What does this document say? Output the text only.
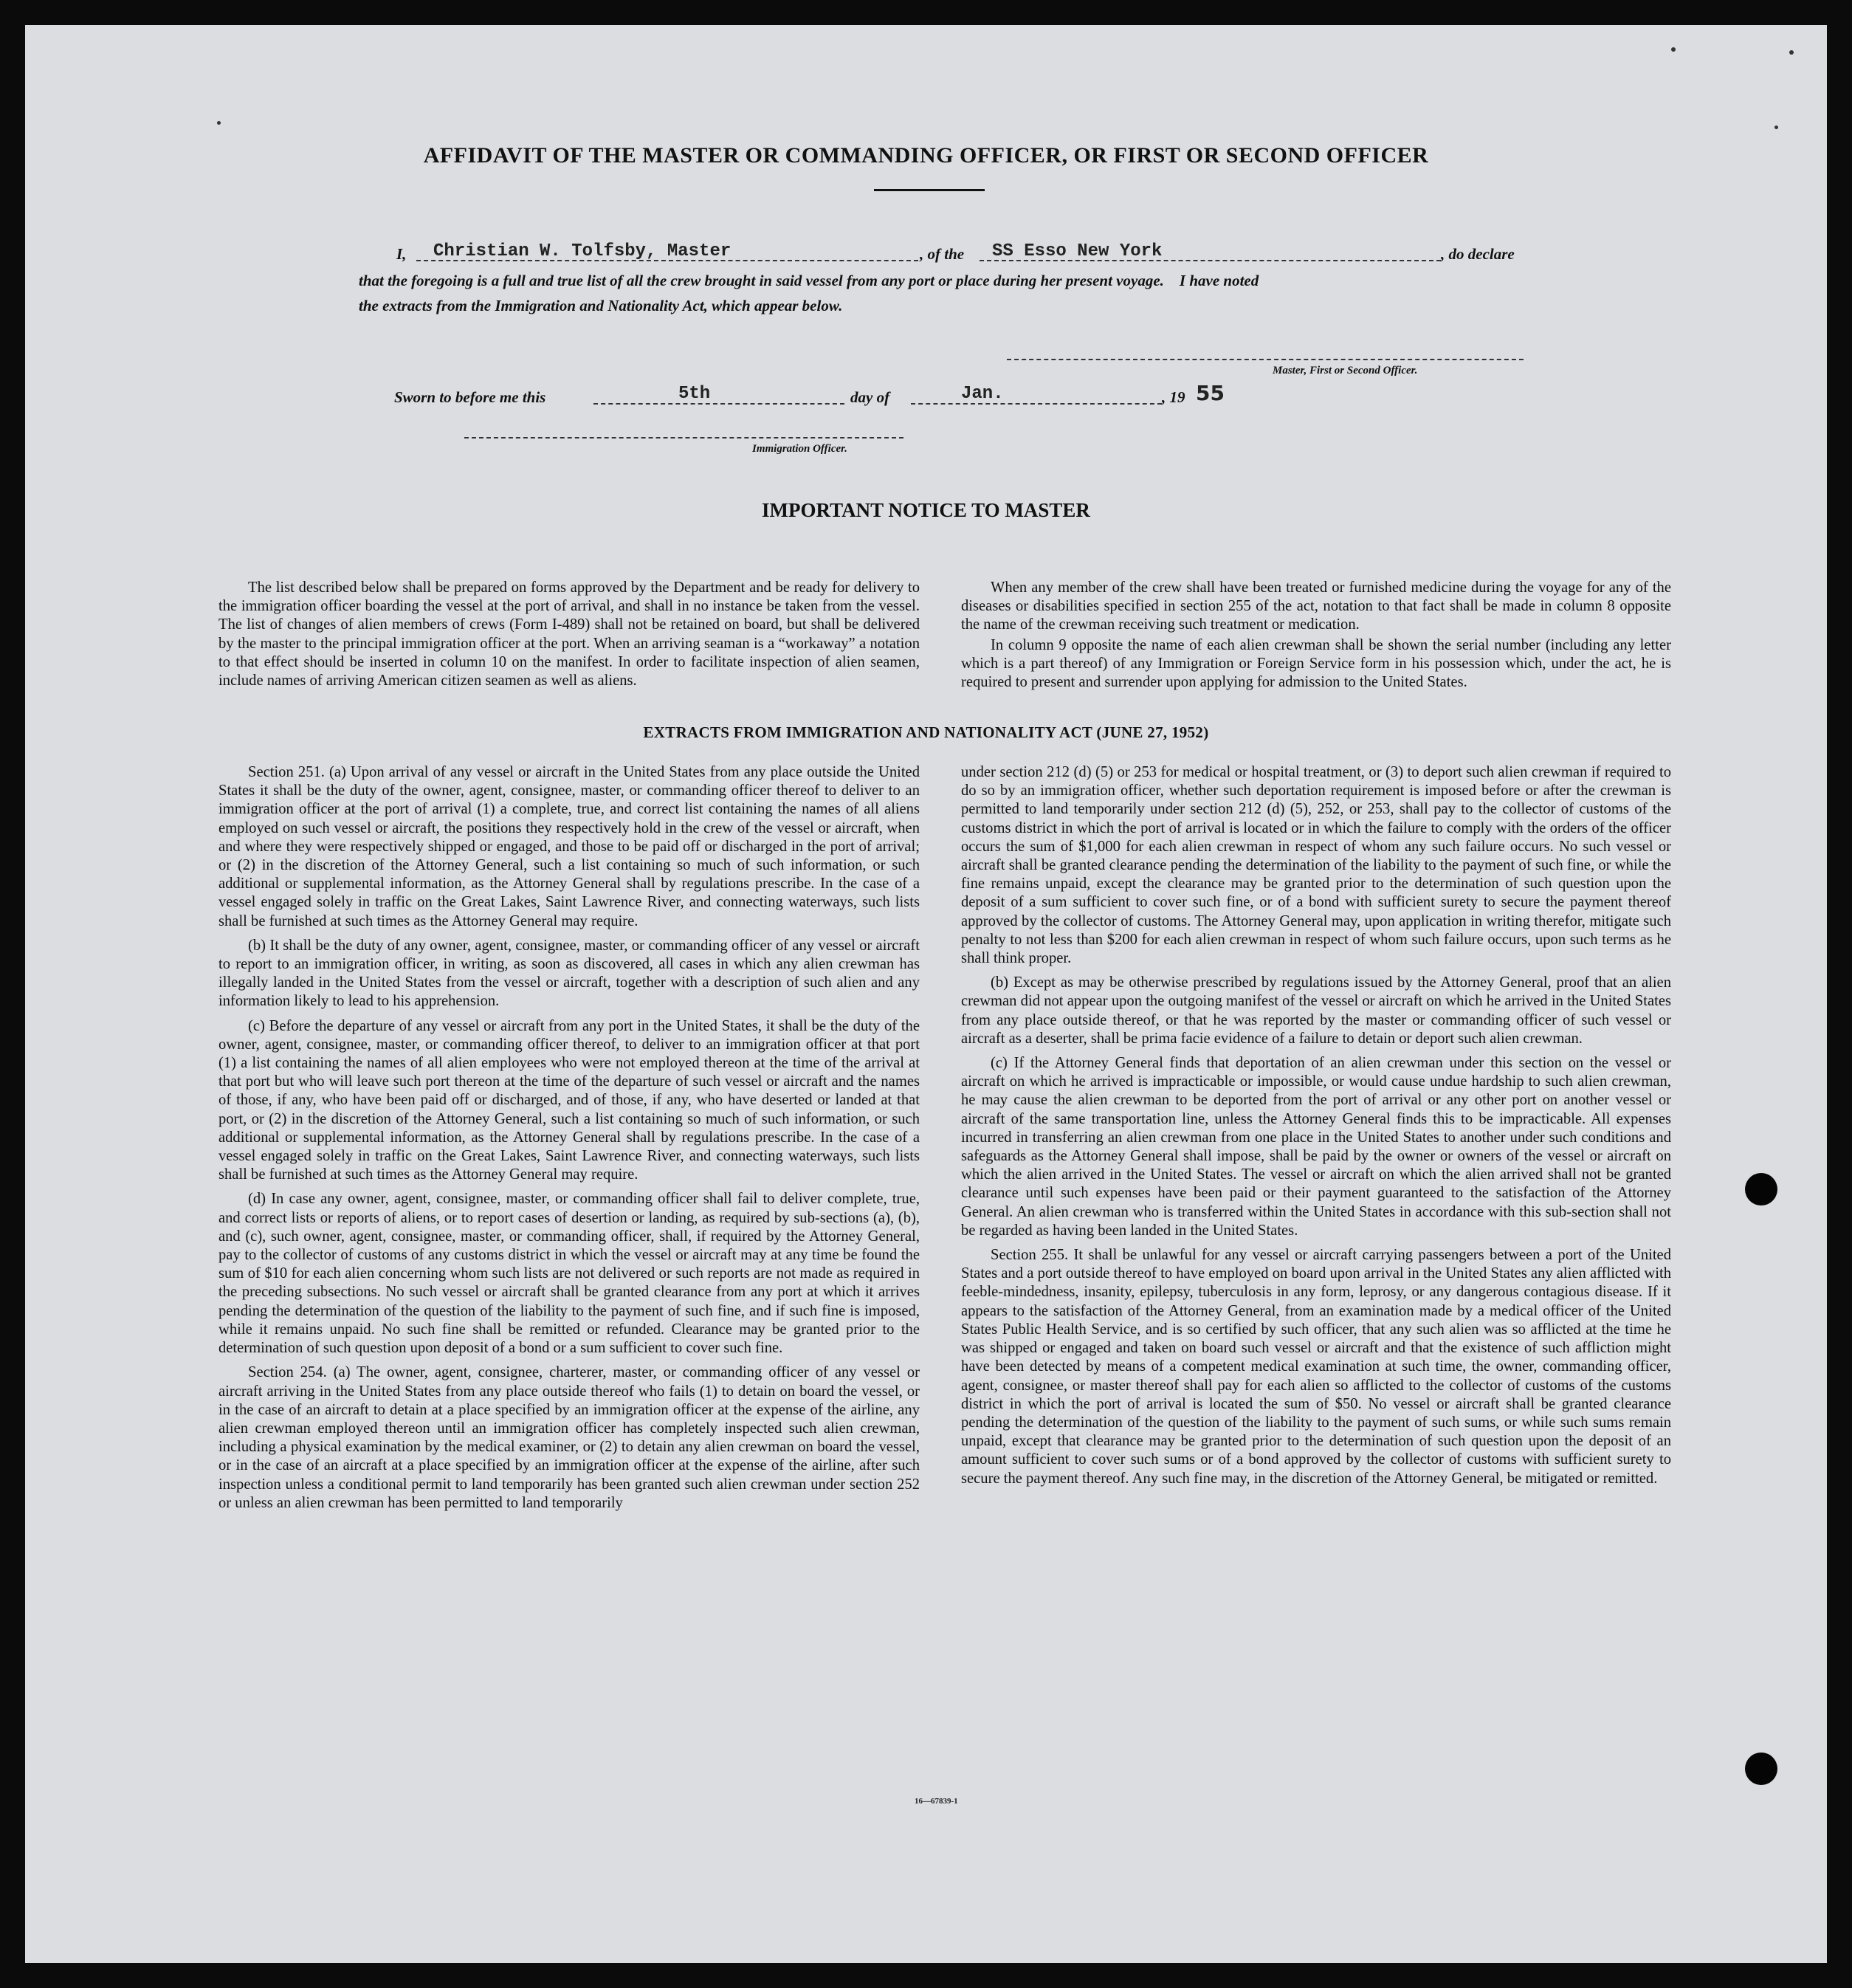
AFFIDAVIT OF THE MASTER OR COMMANDING OFFICER, OR FIRST OR SECOND OFFICER
I, Christian W. Tolfsby, Master	, of the SS Esso New York	, do declare
that the foregoing is a full and true list of all the crew brought in said vessel from any port or place during her present voyage.    I have noted
the extracts from the Immigration and Nationality Act, which appear below.
Master, First or Second Officer.
Sworn to before me this	5th	day of	Jan.	, 19 55
Immigration Officer.
IMPORTANT NOTICE TO MASTER

The list described below shall be prepared on forms approved by the Department and be ready for delivery to the immigration officer boarding the vessel at the port of arrival, and shall in no instance be taken from the vessel. The list of changes of alien members of crews (Form I-489) shall not be retained on board, but shall be delivered by the master to the principal immigration officer at the port. When an arriving seaman is a “workaway” a notation to that effect should be inserted in column 10 on the manifest. In order to facilitate inspection of alien seamen, include names of arriving American citizen seamen as well as aliens.

When any member of the crew shall have been treated or furnished medicine during the voyage for any of the diseases or disabilities specified in section 255 of the act, notation to that fact shall be made in column 8 opposite the name of the crewman receiving such treatment or medication.

In column 9 opposite the name of each alien crewman shall be shown the serial number (including any letter which is a part thereof) of any Immigration or Foreign Service form in his possession which, under the act, he is required to present and surrender upon applying for admission to the United States.

EXTRACTS FROM IMMIGRATION AND NATIONALITY ACT (JUNE 27, 1952)

Section 251. (a) Upon arrival of any vessel or aircraft in the United States from any place outside the United States it shall be the duty of the owner, agent, consignee, master, or commanding officer thereof to deliver to an immigration officer at the port of arrival (1) a complete, true, and correct list containing the names of all aliens employed on such vessel or aircraft, the positions they respectively hold in the crew of the vessel or aircraft, when and where they were respectively shipped or engaged, and those to be paid off or discharged in the port of arrival; or (2) in the discretion of the Attorney General, such a list containing so much of such information, or such additional or supplemental information, as the Attorney General shall by regulations prescribe. In the case of a vessel engaged solely in traffic on the Great Lakes, Saint Lawrence River, and connecting waterways, such lists shall be furnished at such times as the Attorney General may require.

(b) It shall be the duty of any owner, agent, consignee, master, or commanding officer of any vessel or aircraft to report to an immigration officer, in writing, as soon as discovered, all cases in which any alien crewman has illegally landed in the United States from the vessel or aircraft, together with a description of such alien and any information likely to lead to his apprehension.

(c) Before the departure of any vessel or aircraft from any port in the United States, it shall be the duty of the owner, agent, consignee, master, or commanding officer thereof, to deliver to an immigration officer at that port (1) a list containing the names of all alien employees who were not employed thereon at the time of the arrival at that port but who will leave such port thereon at the time of the departure of such vessel or aircraft and the names of those, if any, who have been paid off or discharged, and of those, if any, who have deserted or landed at that port, or (2) in the discretion of the Attorney General, such a list containing so much of such information, or such additional or supplemental information, as the Attorney General shall by regulations prescribe. In the case of a vessel engaged solely in traffic on the Great Lakes, Saint Lawrence River, and connecting waterways, such lists shall be furnished at such times as the Attorney General may require.

(d) In case any owner, agent, consignee, master, or commanding officer shall fail to deliver complete, true, and correct lists or reports of aliens, or to report cases of desertion or landing, as required by sub-sections (a), (b), and (c), such owner, agent, consignee, master, or commanding officer, shall, if required by the Attorney General, pay to the collector of customs of any customs district in which the vessel or aircraft may at any time be found the sum of $10 for each alien concerning whom such lists are not delivered or such reports are not made as required in the preceding subsections. No such vessel or aircraft shall be granted clearance from any port at which it arrives pending the determination of the question of the liability to the payment of such fine, and if such fine is imposed, while it remains unpaid. No such fine shall be remitted or refunded. Clearance may be granted prior to the determination of such question upon deposit of a bond or a sum sufficient to cover such fine.

Section 254. (a) The owner, agent, consignee, charterer, master, or commanding officer of any vessel or aircraft arriving in the United States from any place outside thereof who fails (1) to detain on board the vessel, or in the case of an aircraft to detain at a place specified by an immigration officer at the expense of the airline, any alien crewman employed thereon until an immigration officer has completely inspected such alien crewman, including a physical examination by the medical examiner, or (2) to detain any alien crewman on board the vessel, or in the case of an aircraft at a place specified by an immigration officer at the expense of the airline, after such inspection unless a conditional permit to land temporarily has been granted such alien crewman under section 252 or unless an alien crewman has been permitted to land temporarily

under section 212 (d) (5) or 253 for medical or hospital treatment, or (3) to deport such alien crewman if required to do so by an immigration officer, whether such deportation requirement is imposed before or after the crewman is permitted to land temporarily under section 212 (d) (5), 252, or 253, shall pay to the collector of customs of the customs district in which the port of arrival is located or in which the failure to comply with the orders of the officer occurs the sum of $1,000 for each alien crewman in respect of whom any such failure occurs. No such vessel or aircraft shall be granted clearance pending the determination of the liability to the payment of such fine, or while the fine remains unpaid, except the clearance may be granted prior to the determination of such question upon the deposit of a sum sufficient to cover such fine, or of a bond with sufficient surety to secure the payment thereof approved by the collector of customs. The Attorney General may, upon application in writing therefor, mitigate such penalty to not less than $200 for each alien crewman in respect of whom such failure occurs, upon such terms as he shall think proper.

(b) Except as may be otherwise prescribed by regulations issued by the Attorney General, proof that an alien crewman did not appear upon the outgoing manifest of the vessel or aircraft on which he arrived in the United States from any place outside thereof, or that he was reported by the master or commanding officer of such vessel or aircraft as a deserter, shall be prima facie evidence of a failure to detain or deport such alien crewman.

(c) If the Attorney General finds that deportation of an alien crewman under this section on the vessel or aircraft on which he arrived is impracticable or impossible, or would cause undue hardship to such alien crewman, he may cause the alien crewman to be deported from the port of arrival or any other port on another vessel or aircraft of the same transportation line, unless the Attorney General finds this to be impracticable. All expenses incurred in transferring an alien crewman from one place in the United States to another under such conditions and safeguards as the Attorney General shall impose, shall be paid by the owner or owners of the vessel or aircraft on which the alien arrived in the United States. The vessel or aircraft on which the alien arrived shall not be granted clearance until such expenses have been paid or their payment guaranteed to the satisfaction of the Attorney General. An alien crewman who is transferred within the United States in accordance with this sub-section shall not be regarded as having been landed in the United States.

Section 255. It shall be unlawful for any vessel or aircraft carrying passengers between a port of the United States and a port outside thereof to have employed on board upon arrival in the United States any alien afflicted with feeble-mindedness, insanity, epilepsy, tuberculosis in any form, leprosy, or any dangerous contagious disease. If it appears to the satisfaction of the Attorney General, from an examination made by a medical officer of the United States Public Health Service, and is so certified by such officer, that any such alien was so afflicted at the time he was shipped or engaged and taken on board such vessel or aircraft and that the existence of such affliction might have been detected by means of a competent medical examination at such time, the owner, commanding officer, agent, consignee, or master thereof shall pay for each alien so afflicted to the collector of customs of the customs district in which the port of arrival is located the sum of $50. No vessel or aircraft shall be granted clearance pending the determination of the question of the liability to the payment of such sums, or while such sums remain unpaid, except that clearance may be granted prior to the determination of such question upon the deposit of an amount sufficient to cover such sums or of a bond approved by the collector of customs with sufficient surety to secure the payment thereof. Any such fine may, in the discretion of the Attorney General, be mitigated or remitted.

16—67839-1
